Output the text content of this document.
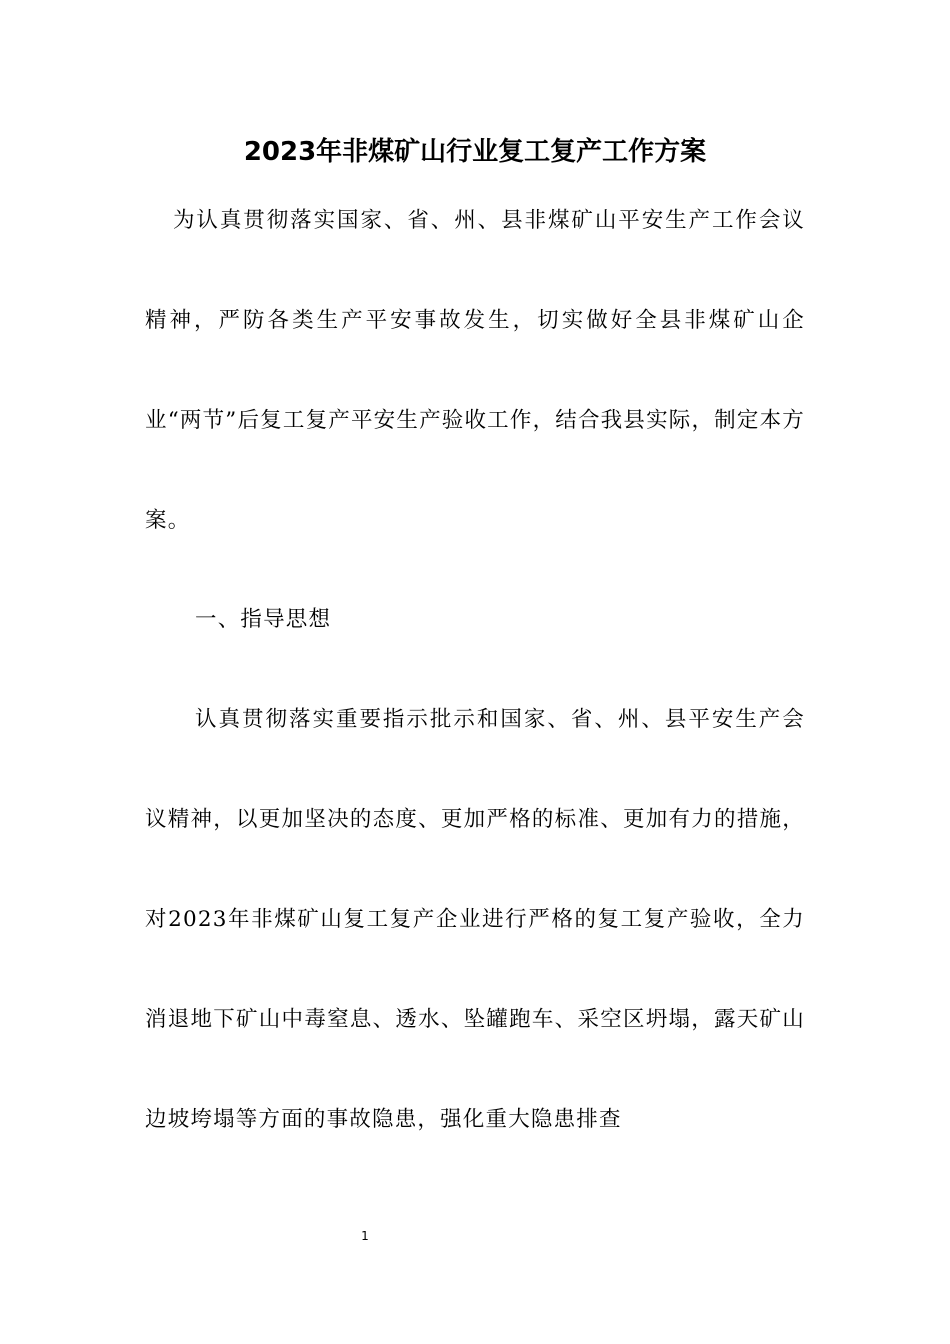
2023年非煤矿山行业复工复产工作方案

为认真贯彻落实国家、省、州、县非煤矿山平安生产工作会议精神，严防各类生产平安事故发生，切实做好全县非煤矿山企业“两节”后复工复产平安生产验收工作，结合我县实际，制定本方案。

一、指导思想

认真贯彻落实重要指示批示和国家、省、州、县平安生产会议精神，以更加坚决的态度、更加严格的标准、更加有力的措施，对2023年非煤矿山复工复产企业进行严格的复工复产验收，全力消退地下矿山中毒窒息、透水、坠罐跑车、采空区坍塌，露天矿山边坡垮塌等方面的事故隐患，强化重大隐患排查

1
